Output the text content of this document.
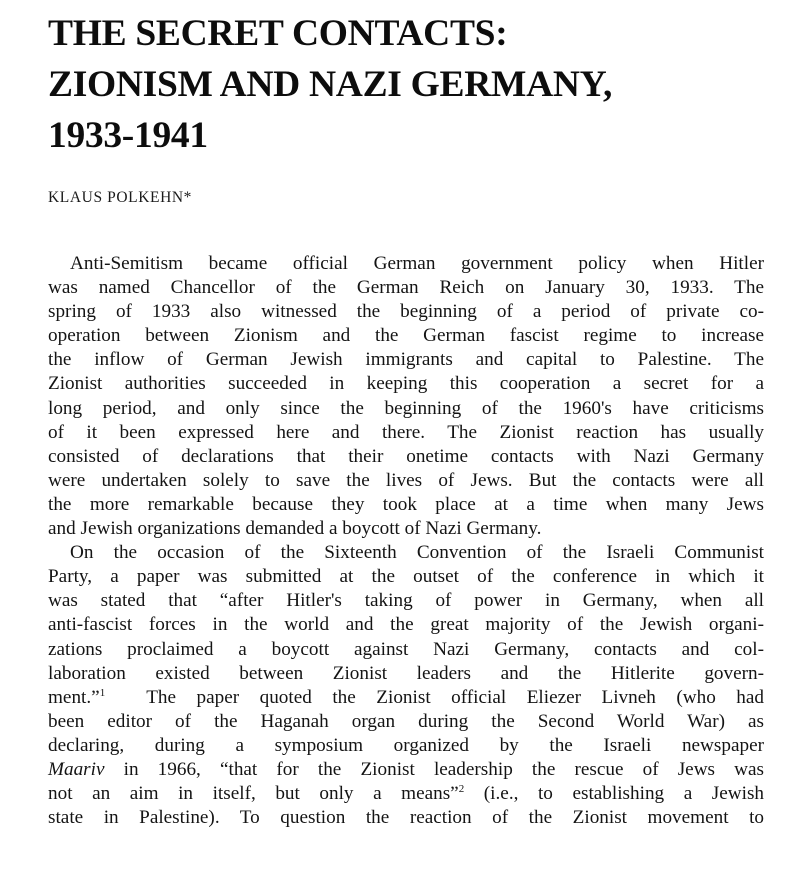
THE SECRET CONTACTS:
ZIONISM AND NAZI GERMANY,
1933-1941

KLAUS POLKEHN*

Anti-Semitism became official German government policy when Hitler
was named Chancellor of the German Reich on January 30, 1933. The
spring of 1933 also witnessed the beginning of a period of private co-
operation between Zionism and the German fascist regime to increase
the inflow of German Jewish immigrants and capital to Palestine. The
Zionist authorities succeeded in keeping this cooperation a secret for a
long period, and only since the beginning of the 1960's have criticisms
of it been expressed here and there. The Zionist reaction has usually
consisted of declarations that their onetime contacts with Nazi Germany
were undertaken solely to save the lives of Jews. But the contacts were all
the more remarkable because they took place at a time when many Jews
and Jewish organizations demanded a boycott of Nazi Germany.
On the occasion of the Sixteenth Convention of the Israeli Communist
Party, a paper was submitted at the outset of the conference in which it
was stated that “after Hitler's taking of power in Germany, when all
anti-fascist forces in the world and the great majority of the Jewish organi-
zations proclaimed a boycott against Nazi Germany, contacts and col-
laboration existed between Zionist leaders and the Hitlerite govern-
ment.”$^1$ The paper quoted the Zionist official Eliezer Livneh (who had
been editor of the Haganah organ during the Second World War) as
declaring, during a symposium organized by the Israeli newspaper
Maariv in 1966, “that for the Zionist leadership the rescue of Jews was
not an aim in itself, but only a means”$^2$ (i.e., to establishing a Jewish
state in Palestine). To question the reaction of the Zionist movement to
